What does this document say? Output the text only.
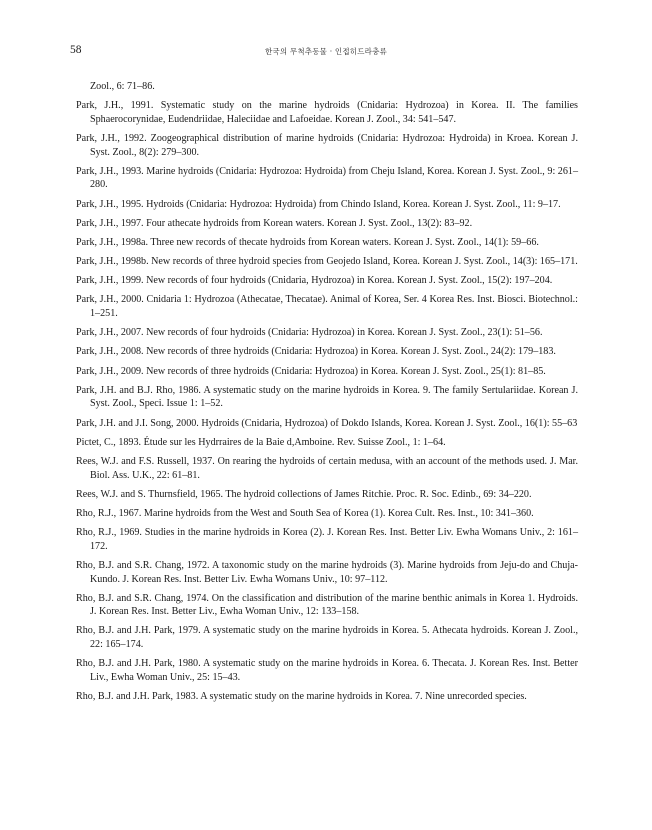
58	한국의 무척추동물 · 인접히드라충류
Zool., 6: 71–86.
Park, J.H., 1991. Systematic study on the marine hydroids (Cnidaria: Hydrozoa) in Korea. II. The families Sphaerocorynidae, Eudendriidae, Haleciidae and Lafoeidae. Korean J. Zool., 34: 541–547.
Park, J.H., 1992. Zoogeographical distribution of marine hydroids (Cnidaria: Hydrozoa: Hydroida) in Kroea. Korean J. Syst. Zool., 8(2): 279–300.
Park, J.H., 1993. Marine hydroids (Cnidaria: Hydrozoa: Hydroida) from Cheju Island, Korea. Korean J. Syst. Zool., 9: 261–280.
Park, J.H., 1995. Hydroids (Cnidaria: Hydrozoa: Hydroida) from Chindo Island, Korea. Korean J. Syst. Zool., 11: 9–17.
Park, J.H., 1997. Four athecate hydroids from Korean waters. Korean J. Syst. Zool., 13(2): 83–92.
Park, J.H., 1998a. Three new records of thecate hydroids from Korean waters. Korean J. Syst. Zool., 14(1): 59–66.
Park, J.H., 1998b. New records of three hydroid species from Geojedo Island, Korea. Korean J. Syst. Zool., 14(3): 165–171.
Park, J.H., 1999. New records of four hydroids (Cnidaria, Hydrozoa) in Korea. Korean J. Syst. Zool., 15(2): 197–204.
Park, J.H., 2000. Cnidaria 1: Hydrozoa (Athecatae, Thecatae). Animal of Korea, Ser. 4 Korea Res. Inst. Biosci. Biotechnol.: 1–251.
Park, J.H., 2007. New records of four hydroids (Cnidaria: Hydrozoa) in Korea. Korean J. Syst. Zool., 23(1): 51–56.
Park, J.H., 2008. New records of three hydroids (Cnidaria: Hydrozoa) in Korea. Korean J. Syst. Zool., 24(2): 179–183.
Park, J.H., 2009. New records of three hydroids (Cnidaria: Hydrozoa) in Korea. Korean J. Syst. Zool., 25(1): 81–85.
Park, J.H. and B.J. Rho, 1986. A systematic study on the marine hydroids in Korea. 9. The family Sertulariidae. Korean J. Syst. Zool., Speci. Issue 1: 1–52.
Park, J.H. and J.I. Song, 2000. Hydroids (Cnidaria, Hydrozoa) of Dokdo Islands, Korea. Korean J. Syst. Zool., 16(1): 55–63
Pictet, C., 1893. Étude sur les Hydrraires de la Baie d,Amboine. Rev. Suisse Zool., 1: 1–64.
Rees, W.J. and F.S. Russell, 1937. On rearing the hydroids of certain medusa, with an account of the methods used. J. Mar. Biol. Ass. U.K., 22: 61–81.
Rees, W.J. and S. Thurnsfield, 1965. The hydroid collections of James Ritchie. Proc. R. Soc. Edinb., 69: 34–220.
Rho, R.J., 1967. Marine hydroids from the West and South Sea of Korea (1). Korea Cult. Res. Inst., 10: 341–360.
Rho, R.J., 1969. Studies in the marine hydroids in Korea (2). J. Korean Res. Inst. Better Liv. Ewha Womans Univ., 2: 161–172.
Rho, B.J. and S.R. Chang, 1972. A taxonomic study on the marine hydroids (3). Marine hydroids from Jeju-do and Chuja-Kundo. J. Korean Res. Inst. Better Liv. Ewha Womans Univ., 10: 97–112.
Rho, B.J. and S.R. Chang, 1974. On the classification and distribution of the marine benthic animals in Korea 1. Hydroids. J. Korean Res. Inst. Better Liv., Ewha Woman Univ., 12: 133–158.
Rho, B.J. and J.H. Park, 1979. A systematic study on the marine hydroids in Korea. 5. Athecata hydroids. Korean J. Zool., 22: 165–174.
Rho, B.J. and J.H. Park, 1980. A systematic study on the marine hydroids in Korea. 6. Thecata. J. Korean Res. Inst. Better Liv., Ewha Woman Univ., 25: 15–43.
Rho, B.J. and J.H. Park, 1983. A systematic study on the marine hydroids in Korea. 7. Nine unrecorded species.
